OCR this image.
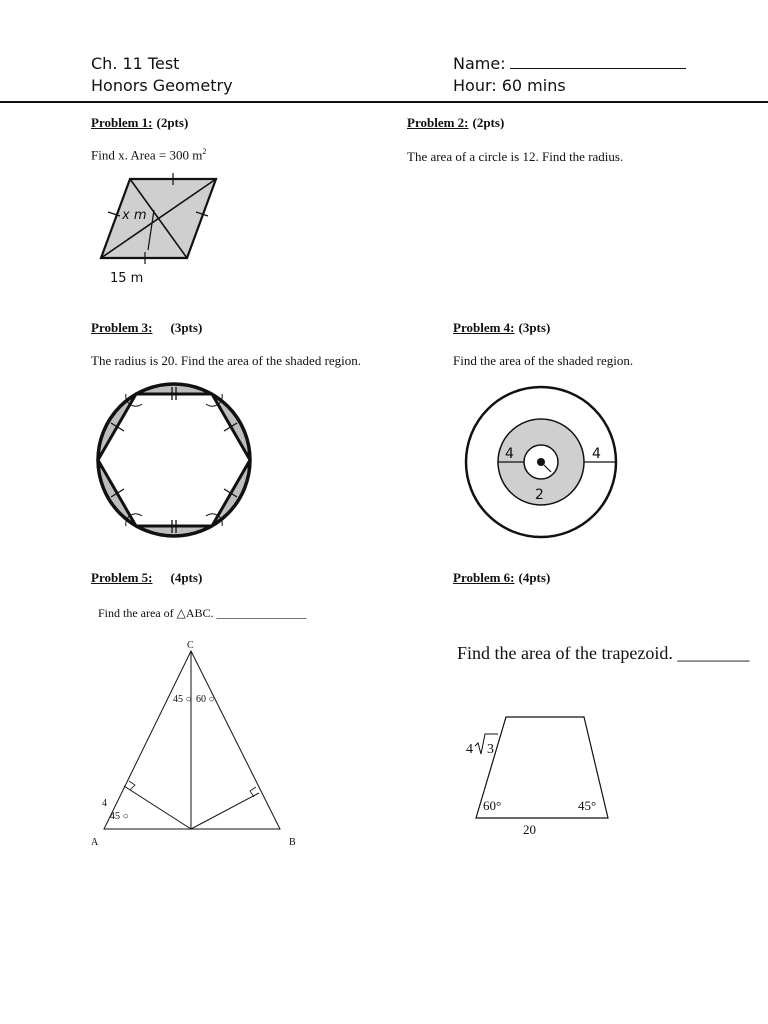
Ch. 11 Test
Honors Geometry
Name:
Hour: 60 mins
Problem 1: (2pts)
Find x. Area = 300 $m^2$
x m
15 m
Problem 2: (2pts)
The area of a circle is 12. Find the radius.
Problem 3: (3pts)
The radius is 20. Find the area of the shaded region.
Problem 4: (3pts)
Find the area of the shaded region.
4	4
2
Problem 5: (4pts)
Find the area of △ABC. _______________
C
A	B
45 ○ 60 ○
4
45 ○
Problem 6: (4pts)
Find the area of the trapezoid. ________
4 3
60°	45°
20
